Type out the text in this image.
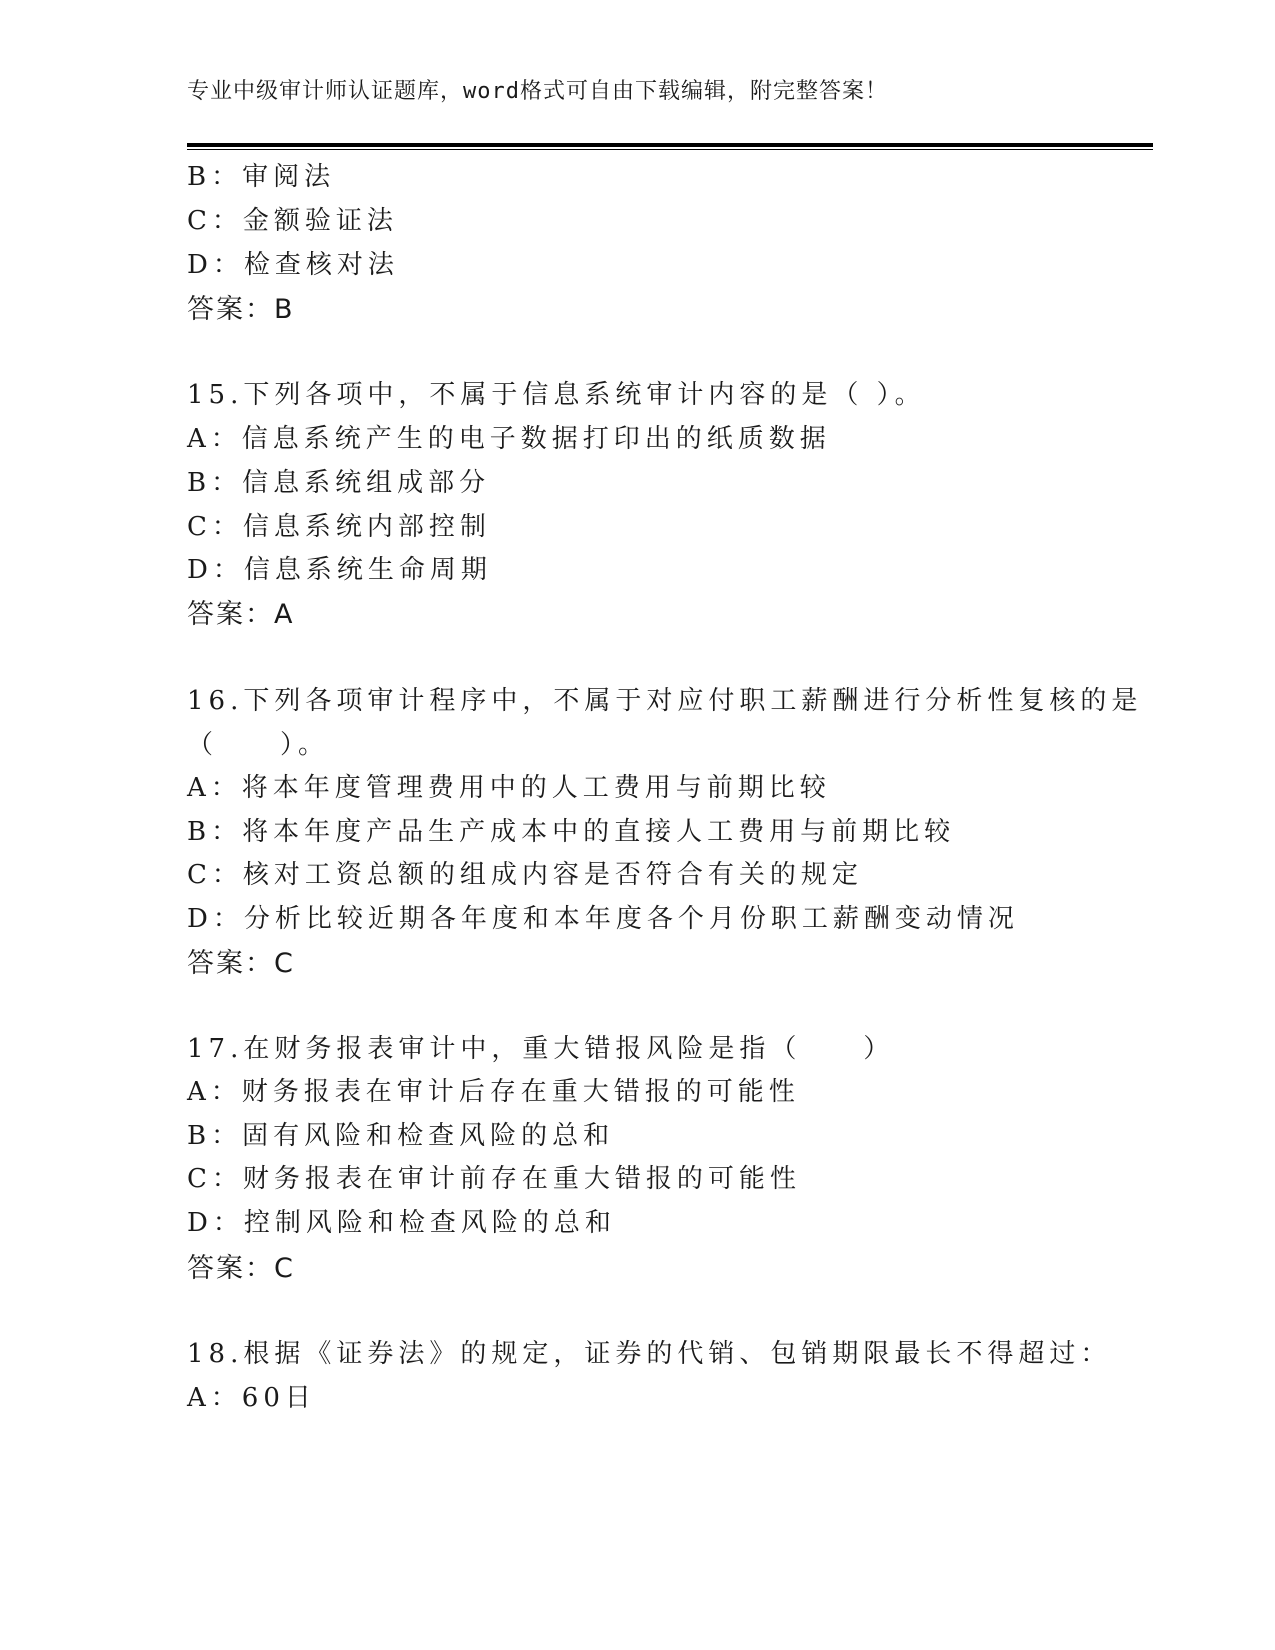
专业中级审计师认证题库，word格式可自由下载编辑，附完整答案！
B：审阅法
C：金额验证法
D：检查核对法
答案：B
15.下列各项中，不属于信息系统审计内容的是（ ）。
A：信息系统产生的电子数据打印出的纸质数据
B：信息系统组成部分
C：信息系统内部控制
D：信息系统生命周期
答案：A
16.下列各项审计程序中，不属于对应付职工薪酬进行分析性复核的是
（　　）。
A：将本年度管理费用中的人工费用与前期比较
B：将本年度产品生产成本中的直接人工费用与前期比较
C：核对工资总额的组成内容是否符合有关的规定
D：分析比较近期各年度和本年度各个月份职工薪酬变动情况
答案：C
17.在财务报表审计中，重大错报风险是指（　　）
A：财务报表在审计后存在重大错报的可能性
B：固有风险和检查风险的总和
C：财务报表在审计前存在重大错报的可能性
D：控制风险和检查风险的总和
答案：C
18.根据《证券法》的规定，证券的代销、包销期限最长不得超过：
A：60日
